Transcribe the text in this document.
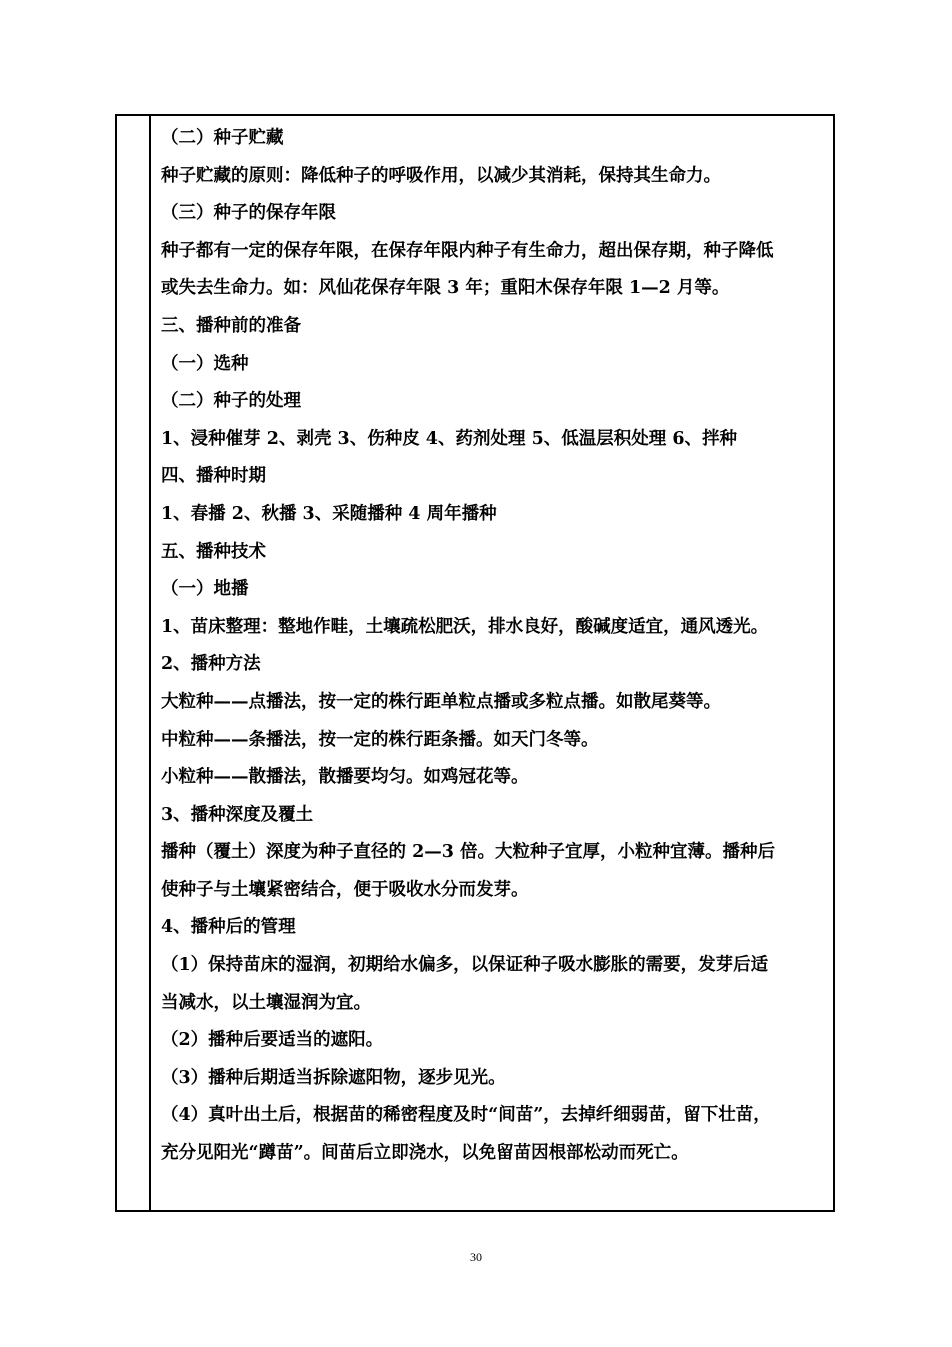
（二）种子贮藏
种子贮藏的原则：降低种子的呼吸作用，以减少其消耗，保持其生命力。
（三）种子的保存年限
种子都有一定的保存年限，在保存年限内种子有生命力，超出保存期，种子降低
或失去生命力。如：风仙花保存年限 3 年；重阳木保存年限 1—2 月等。
三、播种前的准备
（一）选种
（二）种子的处理
1、浸种催芽 2、剥壳 3、伤种皮 4、药剂处理 5、低温层积处理 6、拌种
四、播种时期
1、春播 2、秋播 3、采随播种 4 周年播种
五、播种技术
（一）地播
1、苗床整理：整地作畦，土壤疏松肥沃，排水良好，酸碱度适宜，通风透光。
2、播种方法
大粒种——点播法，按一定的株行距单粒点播或多粒点播。如散尾葵等。
中粒种——条播法，按一定的株行距条播。如天门冬等。
小粒种——散播法，散播要均匀。如鸡冠花等。
3、播种深度及覆土
播种（覆土）深度为种子直径的 2—3 倍。大粒种子宜厚，小粒种宜薄。播种后
使种子与土壤紧密结合，便于吸收水分而发芽。
4、播种后的管理
（1）保持苗床的湿润，初期给水偏多，以保证种子吸水膨胀的需要，发芽后适
当减水，以土壤湿润为宜。
（2）播种后要适当的遮阳。
（3）播种后期适当拆除遮阳物，逐步见光。
（4）真叶出土后，根据苗的稀密程度及时“间苗”，去掉纤细弱苗，留下壮苗，
充分见阳光“蹲苗”。间苗后立即浇水，以免留苗因根部松动而死亡。
30
